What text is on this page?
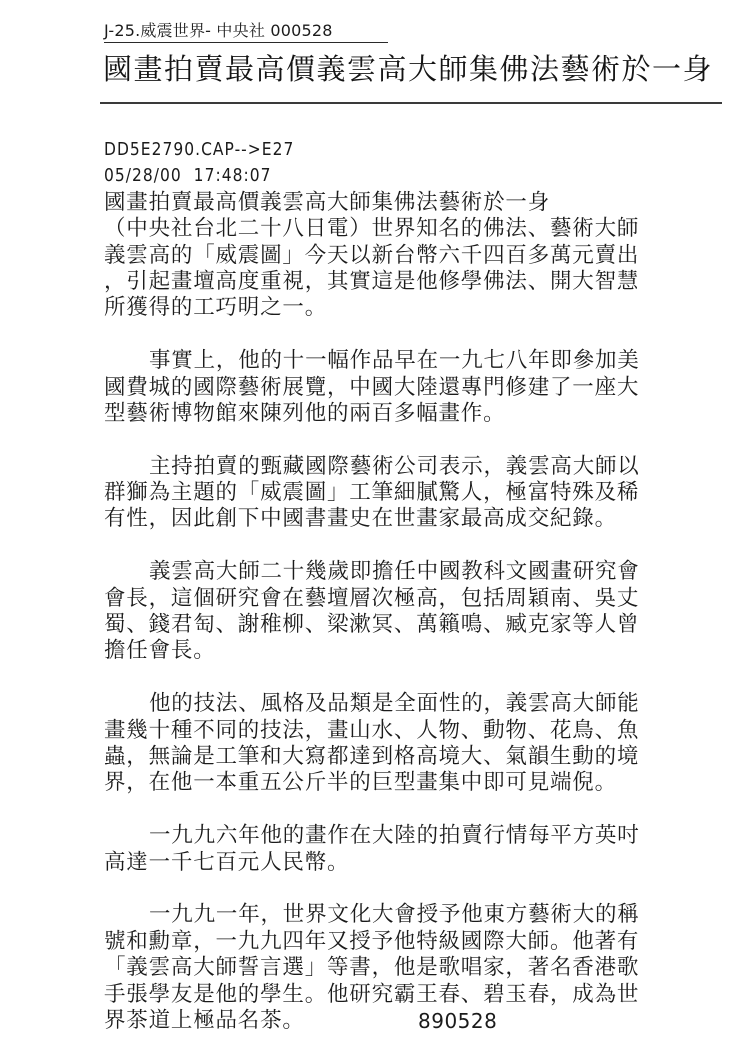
J-25.威震世界- 中央社 000528
國畫拍賣最高價義雲高大師集佛法藝術於一身
DD5E2790.CAP-->E27
05/28/00  17:48:07
國畫拍賣最高價義雲高大師集佛法藝術於一身
（中央社台北二十八日電）世界知名的佛法、藝術大師
義雲高的「威震圖」今天以新台幣六千四百多萬元賣出
，引起畫壇高度重視，其實這是他修學佛法、開大智慧
所獲得的工巧明之一。
事實上，他的十一幅作品早在一九七八年即參加美
國費城的國際藝術展覽，中國大陸還專門修建了一座大
型藝術博物館來陳列他的兩百多幅畫作。
主持拍賣的甄藏國際藝術公司表示，義雲高大師以
群獅為主題的「威震圖」工筆細膩驚人，極富特殊及稀
有性，因此創下中國書畫史在世畫家最高成交紀錄。
義雲高大師二十幾歲即擔任中國教科文國畫研究會
會長，這個研究會在藝壇層次極高，包括周穎南、吳丈
蜀、錢君匋、謝稚柳、梁漱冥、萬籟鳴、臧克家等人曾
擔任會長。
他的技法、風格及品類是全面性的，義雲高大師能
畫幾十種不同的技法，畫山水、人物、動物、花鳥、魚
蟲，無論是工筆和大寫都達到格高境大、氣韻生動的境
界，在他一本重五公斤半的巨型畫集中即可見端倪。
一九九六年他的畫作在大陸的拍賣行情每平方英吋
高達一千七百元人民幣。
一九九一年，世界文化大會授予他東方藝術大的稱
號和勳章，一九九四年又授予他特級國際大師。他著有
「義雲高大師誓言選」等書，他是歌唱家，著名香港歌
手張學友是他的學生。他研究霸王春、碧玉春，成為世
界茶道上極品名茶。	890528
